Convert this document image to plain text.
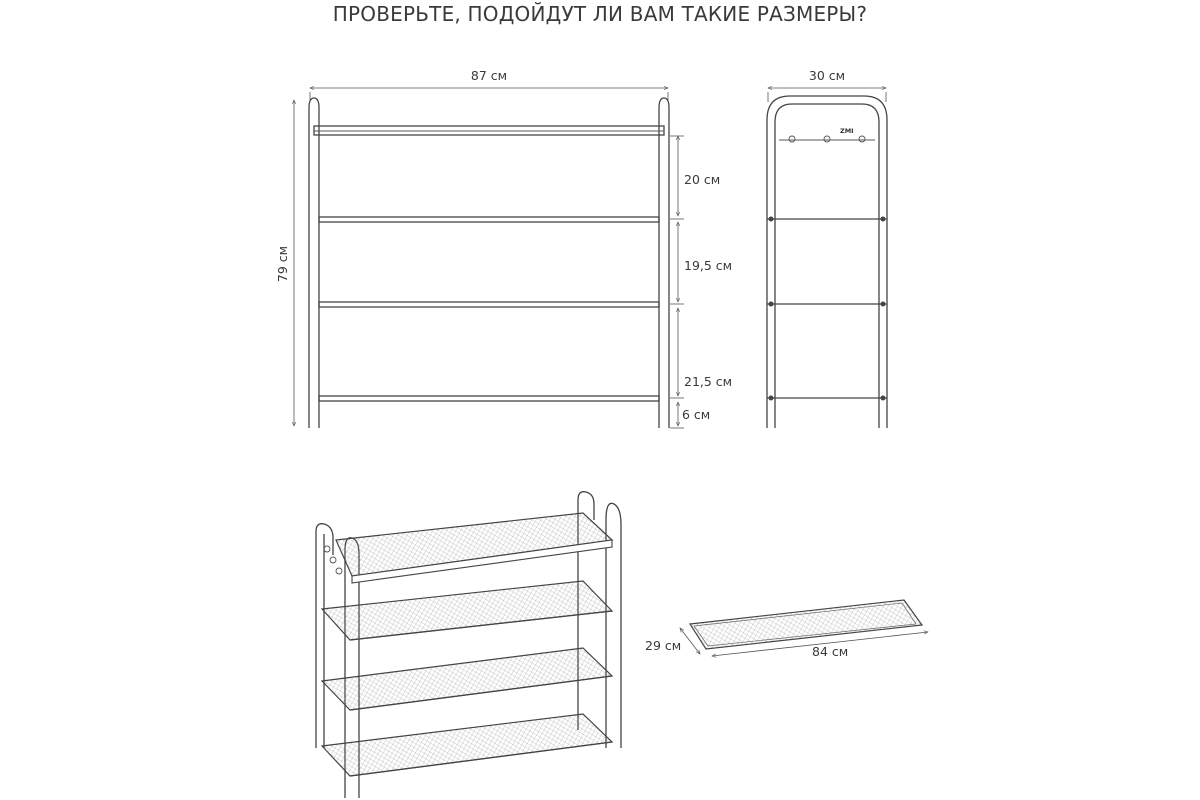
ПРОВЕРЬТЕ, ПОДОЙДУТ ЛИ ВАМ ТАКИЕ РАЗМЕРЫ?
87 см
79 см
20 см
19,5 см
21,5 см
6 см
30 см
ZMI
29 см	84 см
